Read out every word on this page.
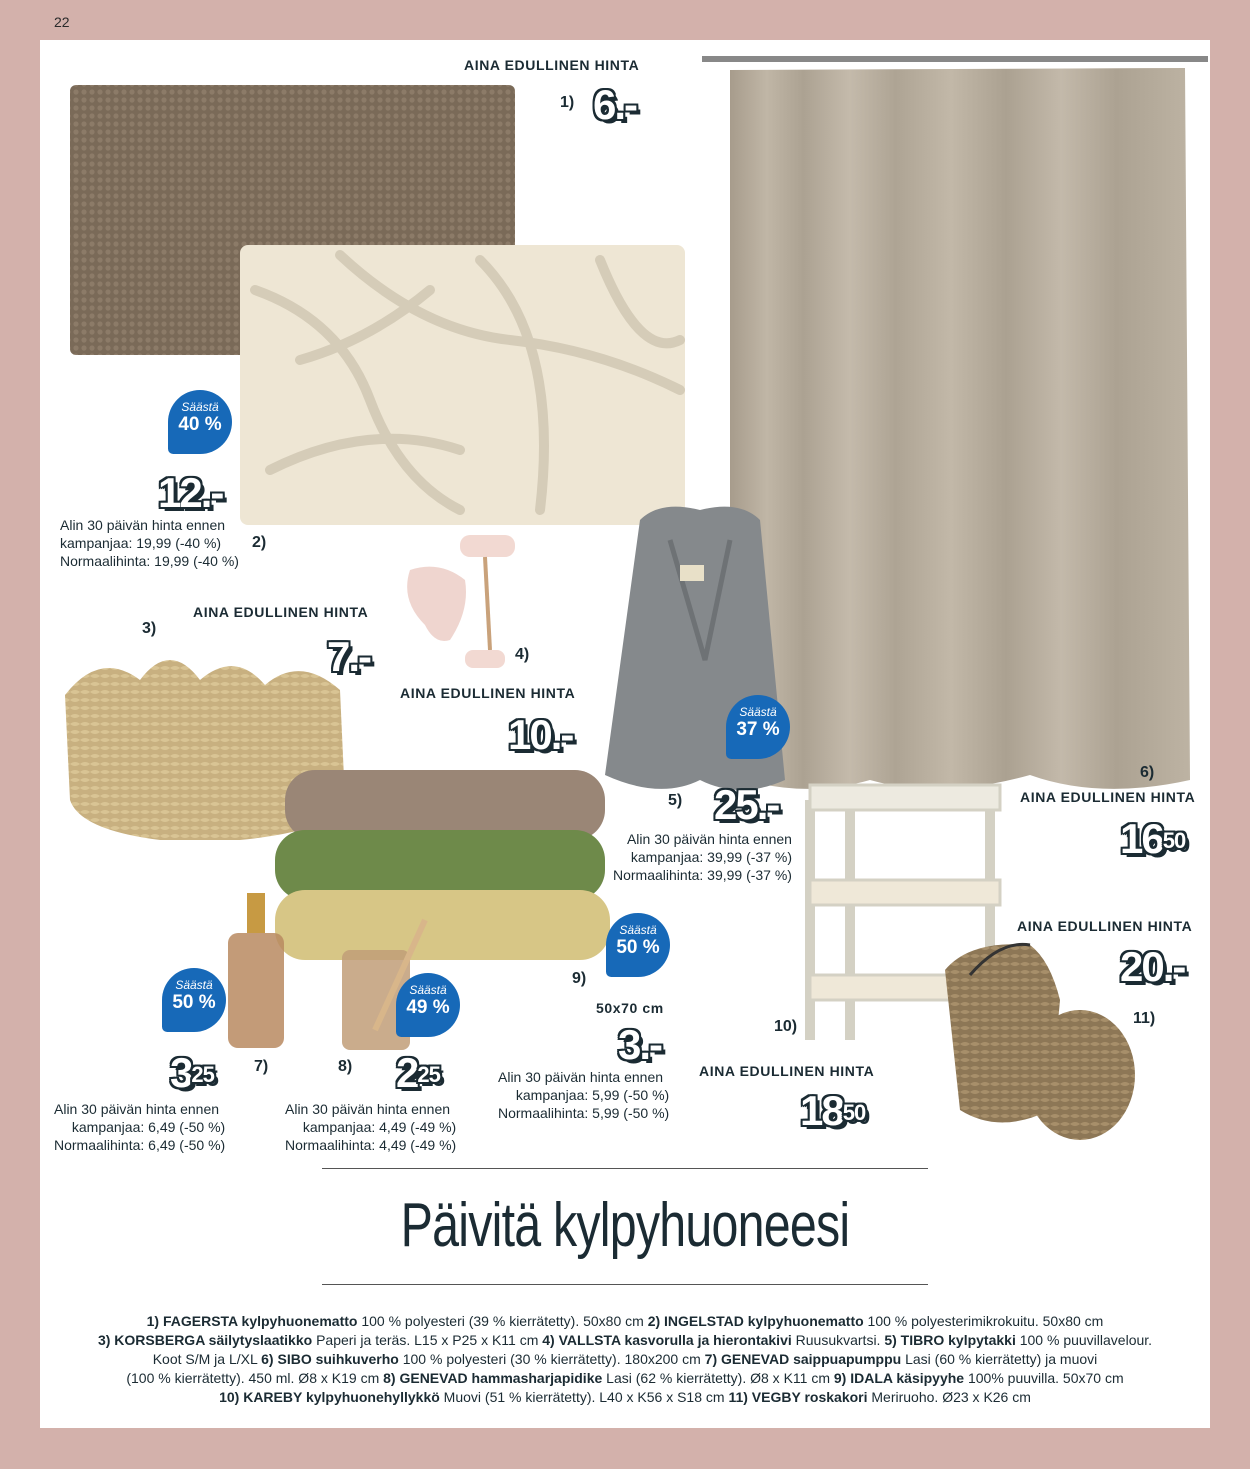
22
AINA EDULLINEN HINTA
1) 6.-
Säästä
40 %
12.-
Alin 30 päivän hinta ennen
kampanjaa: 19,99 (-40 %)
Normaalihinta: 19,99 (-40 %)
2)
AINA EDULLINEN HINTA
3)
7.-	4)
AINA EDULLINEN HINTA
10.-	Säästä
37 %
5) 25.-
Alin 30 päivän hinta ennen
kampanjaa: 39,99 (-37 %)
Normaalihinta: 39,99 (-37 %)
6)
AINA EDULLINEN HINTA
$16^{50}$
AINA EDULLINEN HINTA
20.-
11)
Säästä
50 %
9)
50x70 cm
3.-
Alin 30 päivän hinta ennen
kampanjaa: 5,99 (-50 %)
Normaalihinta: 5,99 (-50 %)
10)
AINA EDULLINEN HINTA
$18^{50}$
Säästä
50 %
$3^{25}$	7)
Alin 30 päivän hinta ennen
kampanjaa: 6,49 (-50 %)
Normaalihinta: 6,49 (-50 %)
Säästä
49 %
8) $2^{25}$
Alin 30 päivän hinta ennen
kampanjaa: 4,49 (-49 %)
Normaalihinta: 4,49 (-49 %)
Päivitä kylpyhuoneesi
1) FAGERSTA kylpyhuonematto 100 % polyesteri (39 % kierrätetty). 50x80 cm 2) INGELSTAD kylpyhuonematto 100 % polyesterimikrokuitu. 50x80 cm
3) KORSBERGA säilytyslaatikko Paperi ja teräs. L15 x P25 x K11 cm 4) VALLSTA kasvorulla ja hierontakivi Ruusukvartsi. 5) TIBRO kylpytakki 100 % puuvillavelour.
Koot S/M ja L/XL 6) SIBO suihkuverho 100 % polyesteri (30 % kierrätetty). 180x200 cm 7) GENEVAD saippuapumppu Lasi (60 % kierrätetty) ja muovi
(100 % kierrätetty). 450 ml. Ø8 x K19 cm 8) GENEVAD hammasharjapidike Lasi (62 % kierrätetty). Ø8 x K11 cm 9) IDALA käsipyyhe 100% puuvilla. 50x70 cm
10) KAREBY kylpyhuonehyllykkö Muovi (51 % kierrätetty). L40 x K56 x S18 cm 11) VEGBY roskakori Meriruoho. Ø23 x K26 cm
